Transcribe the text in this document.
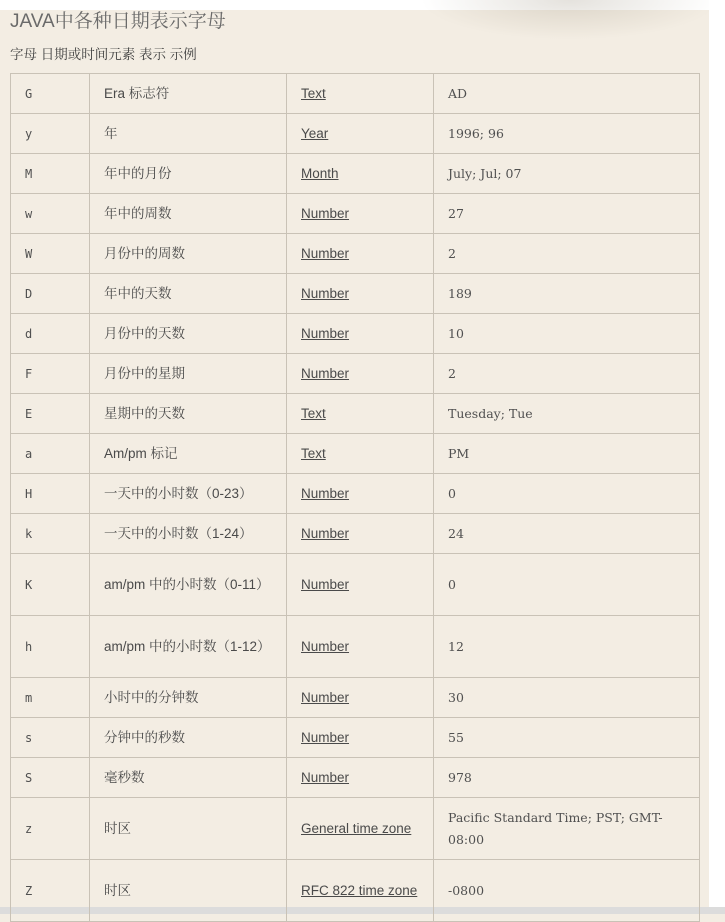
JAVA中各种日期表示字母
字母 日期或时间元素 表示 示例
G	Era 标志符	Text	AD
y	年	Year	1996; 96
M	年中的月份	Month	July; Jul; 07
w	年中的周数	Number	27
W	月份中的周数	Number	2
D	年中的天数	Number	189
d	月份中的天数	Number	10
F	月份中的星期	Number	2
E	星期中的天数	Text	Tuesday; Tue
a	Am/pm 标记	Text	PM
H	一天中的小时数（0-23）	Number	0
k	一天中的小时数（1-24）	Number	24
K	am/pm 中的小时数（0-11）	Number	0
h	am/pm 中的小时数（1-12）	Number	12
m	小时中的分钟数	Number	30
s	分钟中的秒数	Number	55
S	毫秒数	Number	978
z	时区	General time zone	Pacific Standard Time; PST; GMT-08:00
Z	时区	RFC 822 time zone	-0800
